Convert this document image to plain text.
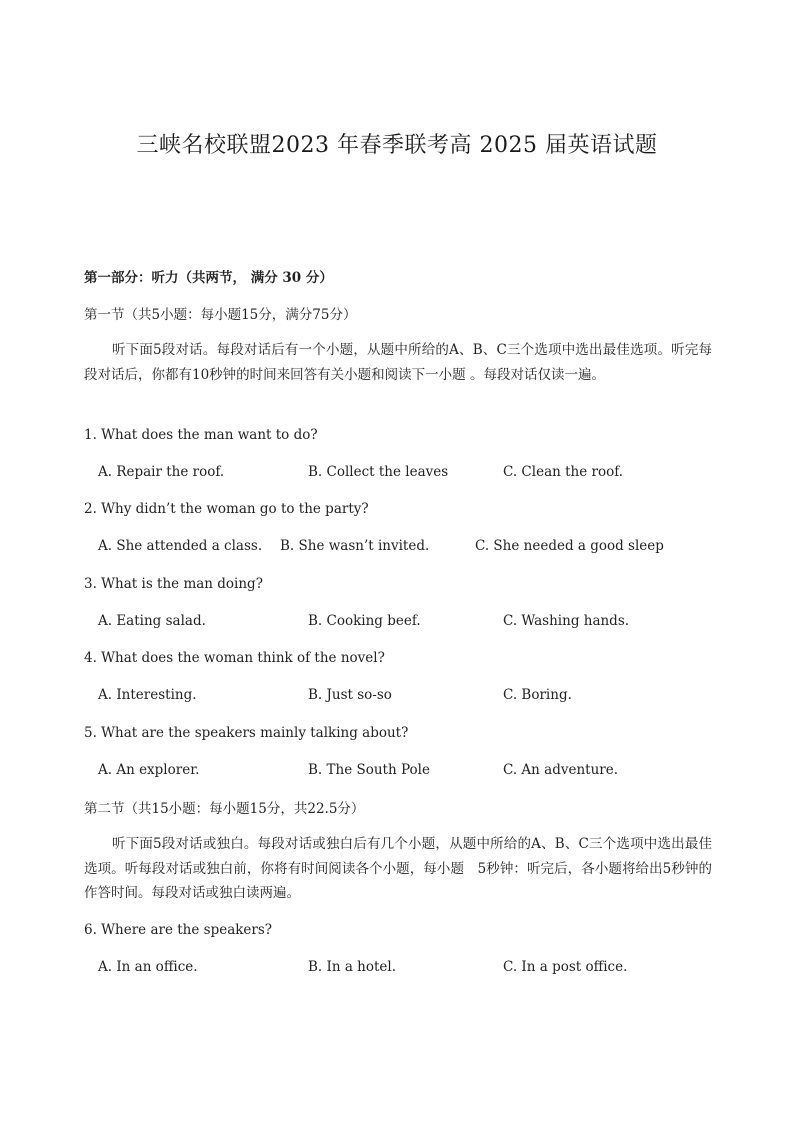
三峡名校联盟2023 年春季联考高 2025 届英语试题
第一部分：听力（共两节， 满分 30 分）
第一节（共5小题：每小题15分，满分75分）
听下面5段对话。每段对话后有一个小题，从题中所给的A、B、C三个选项中选出最佳选项。听完每段对话后，你都有10秒钟的时间来回答有关小题和阅读下一小题 。每段对话仅读一遍。
1. What does the man want to do?
A. Repair the roof.	B. Collect the leaves	C. Clean the roof.
2. Why didn’t the woman go to the party?
A. She attended a class. B. She wasn’t invited.	C. She needed a good sleep
3. What is the man doing?
A. Eating salad.	B. Cooking beef.	C. Washing hands.
4. What does the woman think of the novel?
A. Interesting.	B. Just so-so	C. Boring.
5. What are the speakers mainly talking about?
A. An explorer.	B. The South Pole	C. An adventure.
第二节（共15小题：每小题15分，共22.5分）
听下面5段对话或独白。每段对话或独白后有几个小题，从题中所给的A、B、C三个选项中选出最佳选项。听每段对话或独白前，你将有时间阅读各个小题，每小题　5秒钟：听完后，各小题将给出5秒钟的作答时间。每段对话或独白读两遍。
6. Where are the speakers?
A. In an office.	B. In a hotel.	C. In a post office.
